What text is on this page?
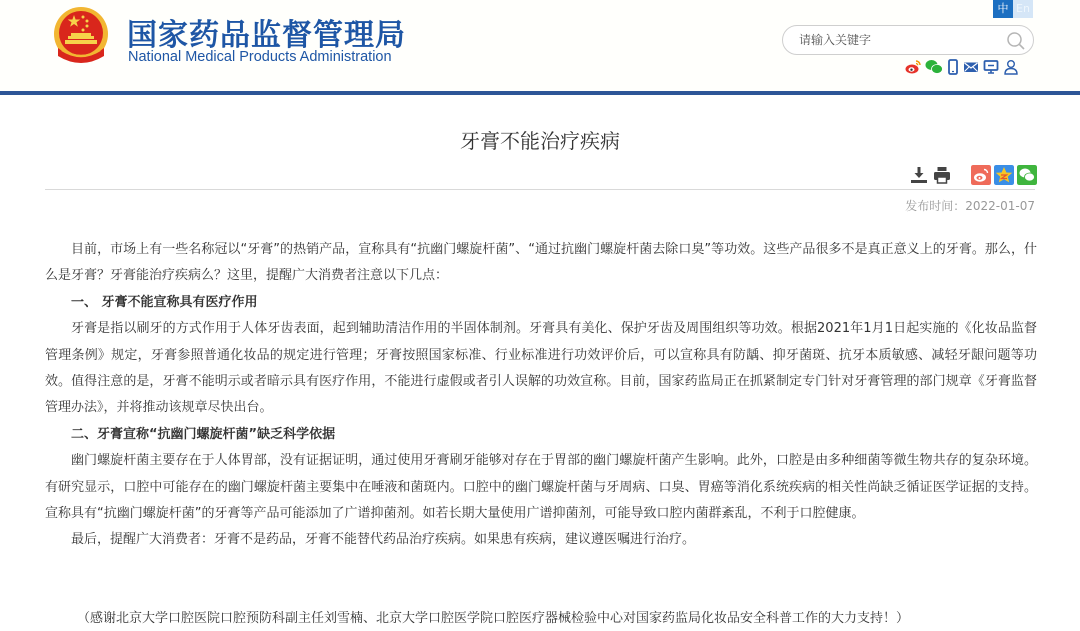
国家药品监督管理局
National Medical Products Administration
中 En
请输入关键字
牙膏不能治疗疾病
发布时间：2022-01-07

目前，市场上有一些名称冠以“牙膏”的热销产品，宣称具有“抗幽门螺旋杆菌”、“通过抗幽门螺旋杆菌去除口臭”等功效。这些产品很多不是真正意义上的牙膏。那么，什么是牙膏？牙膏能治疗疾病么？这里，提醒广大消费者注意以下几点：

一、 牙膏不能宣称具有医疗作用

牙膏是指以刷牙的方式作用于人体牙齿表面，起到辅助清洁作用的半固体制剂。牙膏具有美化、保护牙齿及周围组织等功效。根据2021年1月1日起实施的《化妆品监督管理条例》规定，牙膏参照普通化妆品的规定进行管理；牙膏按照国家标准、行业标准进行功效评价后，可以宣称具有防龋、抑牙菌斑、抗牙本质敏感、减轻牙龈问题等功效。值得注意的是，牙膏不能明示或者暗示具有医疗作用，不能进行虚假或者引人误解的功效宣称。目前，国家药监局正在抓紧制定专门针对牙膏管理的部门规章《牙膏监督管理办法》，并将推动该规章尽快出台。

二、牙膏宣称“抗幽门螺旋杆菌”缺乏科学依据

幽门螺旋杆菌主要存在于人体胃部，没有证据证明，通过使用牙膏刷牙能够对存在于胃部的幽门螺旋杆菌产生影响。此外，口腔是由多种细菌等微生物共存的复杂环境。有研究显示，口腔中可能存在的幽门螺旋杆菌主要集中在唾液和菌斑内。口腔中的幽门螺旋杆菌与牙周病、口臭、胃癌等消化系统疾病的相关性尚缺乏循证医学证据的支持。宣称具有“抗幽门螺旋杆菌”的牙膏等产品可能添加了广谱抑菌剂。如若长期大量使用广谱抑菌剂，可能导致口腔内菌群紊乱，不利于口腔健康。

最后，提醒广大消费者：牙膏不是药品，牙膏不能替代药品治疗疾病。如果患有疾病，建议遵医嘱进行治疗。

（感谢北京大学口腔医院口腔预防科副主任刘雪楠、北京大学口腔医学院口腔医疗器械检验中心对国家药监局化妆品安全科普工作的大力支持！）
